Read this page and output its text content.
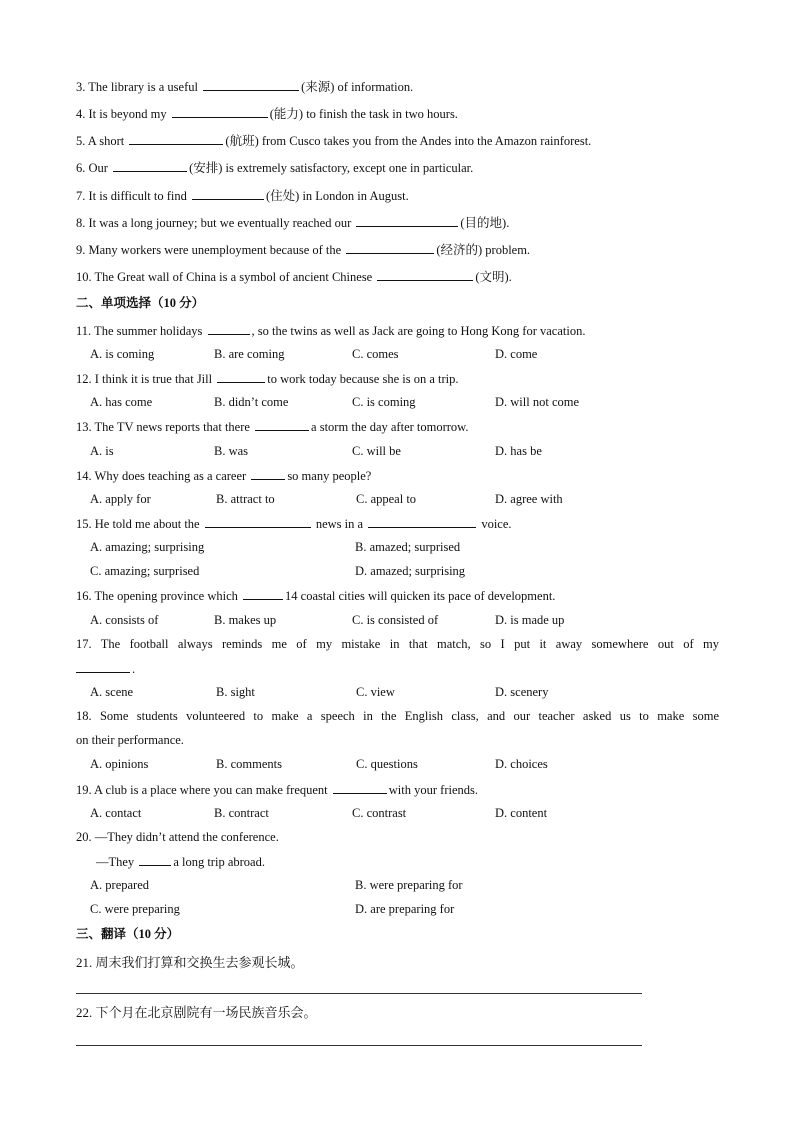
3. The library is a useful	(来源) of information.
4. It is beyond my	(能力) to finish the task in two hours.
5. A short	(航班) from Cusco takes you from the Andes into the Amazon rainforest.
6. Our	(安排) is extremely satisfactory, except one in particular.
7. It is difficult to find	(住处) in London in August.
8. It was a long journey; but we eventually reached our	(目的地).
9. Many workers were unemployment because of the	(经济的) problem.
10. The Great wall of China is a symbol of ancient Chinese	(文明).
二、单项选择（10 分）
11. The summer holidays	, so the twins as well as Jack are going to Hong Kong for vacation.
A. is coming	B. are coming	C. comes	D. come
12. I think it is true that Jill	to work today because she is on a trip.
A. has come	B. didn’t come	C. is coming	D. will not come
13. The TV news reports that there	a storm the day after tomorrow.
A. is	B. was	C. will be	D. has be
14. Why does teaching as a career	so many people?
A. apply for	B. attract to	C. appeal to	D. agree with
15. He told me about the	news in a	voice.
A. amazing; surprising	B. amazed; surprised
C. amazing; surprised	D. amazed; surprising
16. The opening province which	14 coastal cities will quicken its pace of development.
A. consists of	B. makes up	C. is consisted of	D. is made up
17. The football always reminds me of my mistake in that match, so I put it away somewhere out of my
.
A. scene	B. sight	C. view	D. scenery
18. Some students volunteered to make a speech in the English class, and our teacher asked us to make some
on their performance.
A. opinions	B. comments	C. questions	D. choices
19. A club is a place where you can make frequent	with your friends.
A. contact	B. contract	C. contrast	D. content
20. —They didn’t attend the conference.
—They	a long trip abroad.
A. prepared	B. were preparing for
C. were preparing	D. are preparing for
三、翻译（10 分）
21. 周末我们打算和交换生去参观长城。
22. 下个月在北京剧院有一场民族音乐会。
